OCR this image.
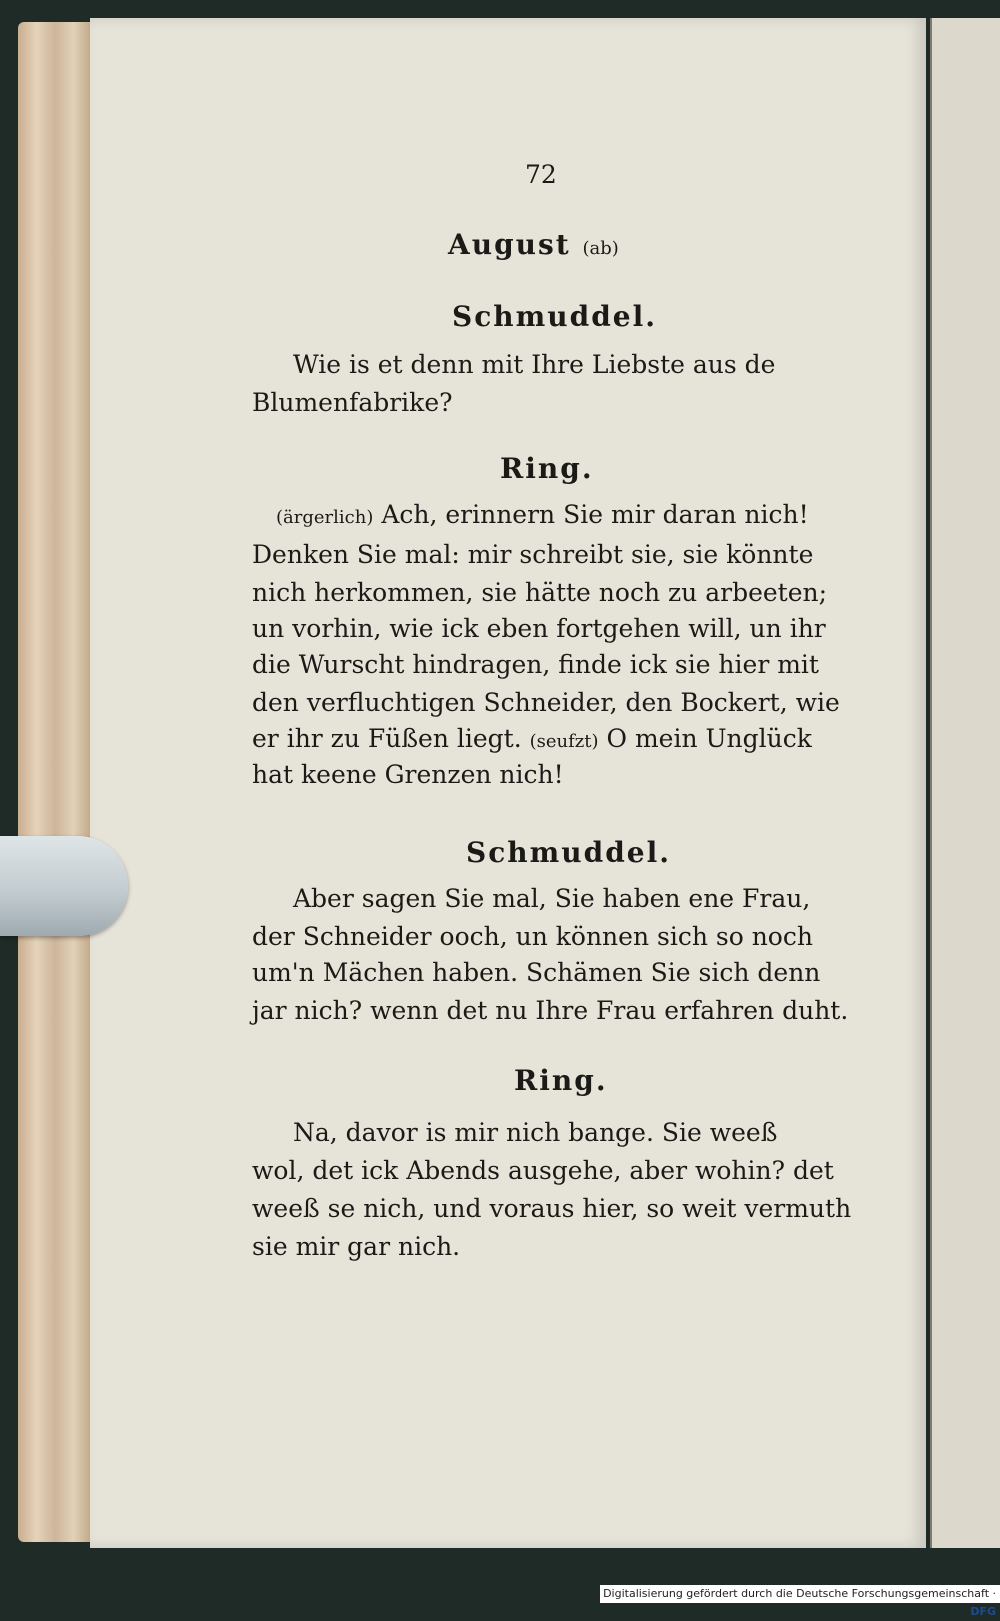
72
August (ab)
Schmuddel.
Wie is et denn mit Ihre Liebste aus de
Blumenfabrike?
Ring.
(ärgerlich) Ach, erinnern Sie mir daran nich!
Denken Sie mal: mir schreibt sie, sie könnte
nich herkommen, sie hätte noch zu arbeeten;
un vorhin, wie ick eben fortgehen will, un ihr
die Wurscht hindragen, finde ick sie hier mit
den verfluchtigen Schneider, den Bockert, wie
er ihr zu Füßen liegt. (seufzt) O mein Unglück
hat keene Grenzen nich!
Schmuddel.
Aber sagen Sie mal, Sie haben ene Frau,
der Schneider ooch, un können sich so noch
um'n Mächen haben. Schämen Sie sich denn
jar nich? wenn det nu Ihre Frau erfahren duht.
Ring.
Na, davor is mir nich bange. Sie weeß
wol, det ick Abends ausgehe, aber wohin? det
weeß se nich, und voraus hier, so weit vermuth
sie mir gar nich.
Digitalisierung gefördert durch die Deutsche Forschungsgemeinschaft · DFG
